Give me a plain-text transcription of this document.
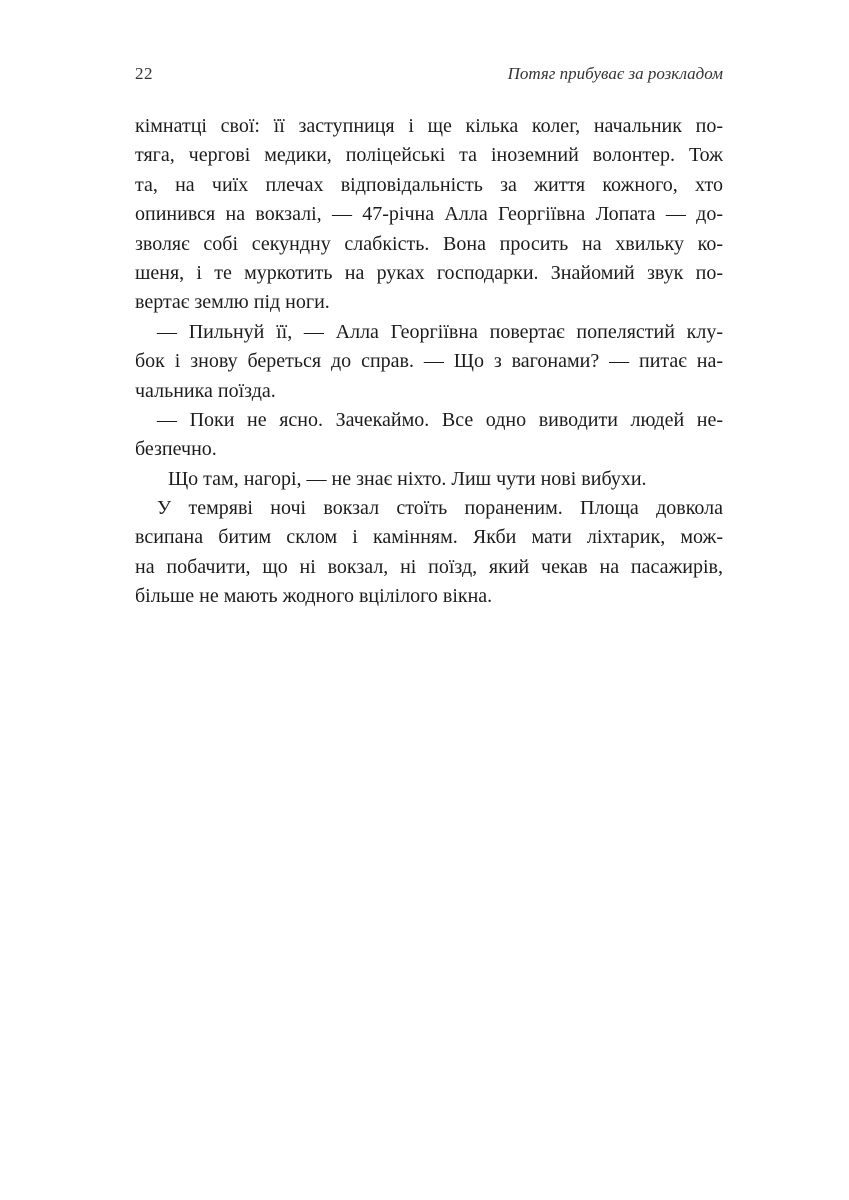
22	Потяг прибуває за розкладом
кімнатці свої: її заступниця і ще кілька колег, начальник по-
тяга, чергові медики, поліцейські та іноземний волонтер. Тож
та, на чиїх плечах відповідальність за життя кожного, хто
опинився на вокзалі, — 47-річна Алла Георгіївна Лопата — до-
зволяє собі секундну слабкість. Вона просить на хвильку ко-
шеня, і те муркотить на руках господарки. Знайомий звук по-
вертає землю під ноги.
— Пильнуй її, — Алла Георгіївна повертає попелястий клу-
бок і знову береться до справ. — Що з вагонами? — питає на-
чальника поїзда.
— Поки не ясно. Зачекаймо. Все одно виводити людей не-
безпечно.
Що там, нагорі, — не знає ніхто. Лиш чути нові вибухи.
У темряві ночі вокзал стоїть пораненим. Площа довкола
всипана битим склом і камінням. Якби мати ліхтарик, мож-
на побачити, що ні вокзал, ні поїзд, який чекав на пасажирів,
більше не мають жодного вцілілого вікна.
